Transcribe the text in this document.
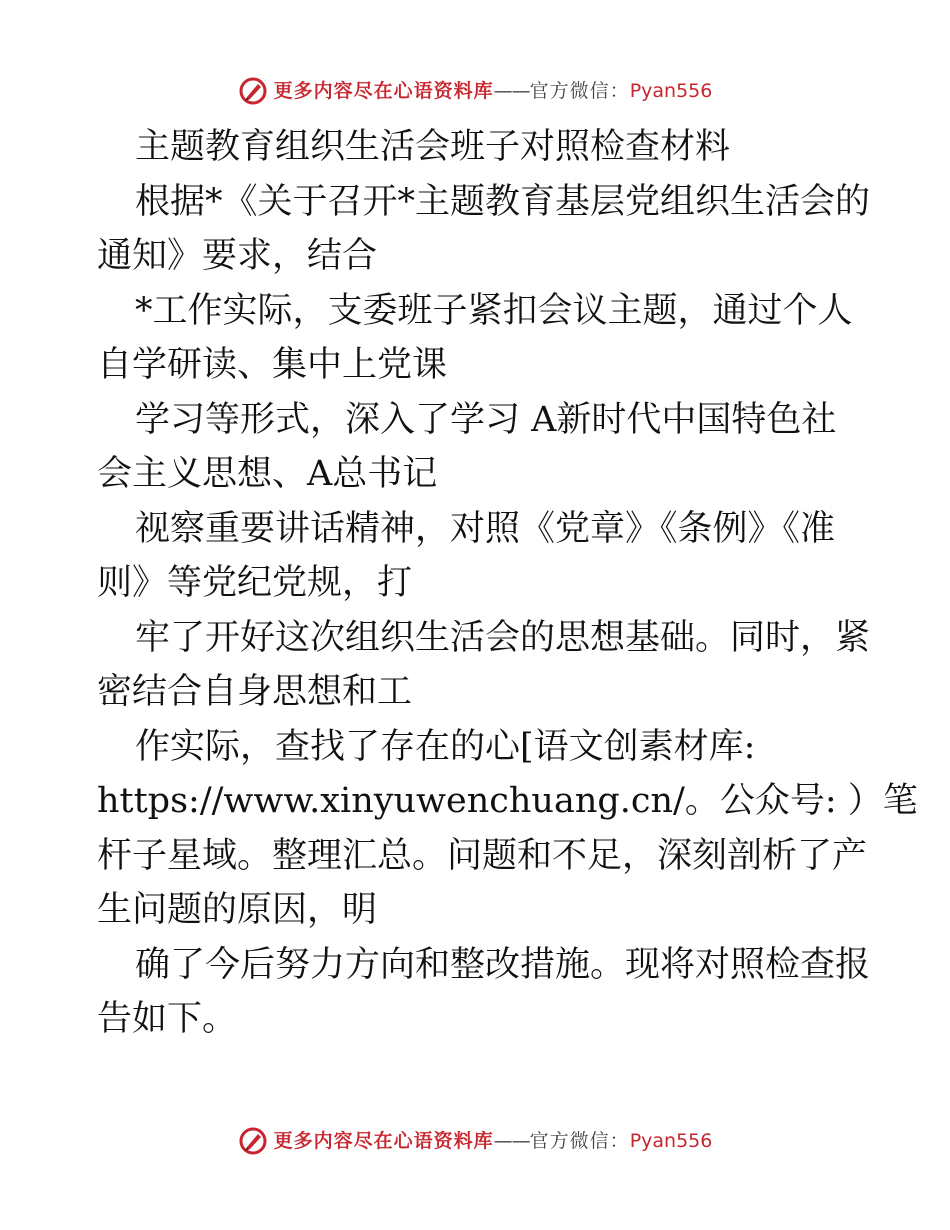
更多内容尽在心语资料库 —— 官方微信： Pyan556
主题教育组织生活会班子对照检查材料
根据*《关于召开*主题教育基层党组织生活会的
通知》要求，结合
*工作实际，支委班子紧扣会议主题，通过个人
自学研读、集中上党课
学习等形式，深入了学习 A新时代中国特色社
会主义思想、A总书记
视察重要讲话精神，对照《党章》《条例》《准
则》等党纪党规，打
牢了开好这次组织生活会的思想基础。同时，紧
密结合自身思想和工
作实际，查找了存在的心[语文创素材库:
https://www.xinyuwenchuang.cn/。公众号: ）笔
杆子星域。整理汇总。问题和不足，深刻剖析了产
生问题的原因，明
确了今后努力方向和整改措施。现将对照检查报
告如下。
更多内容尽在心语资料库 —— 官方微信： Pyan556
